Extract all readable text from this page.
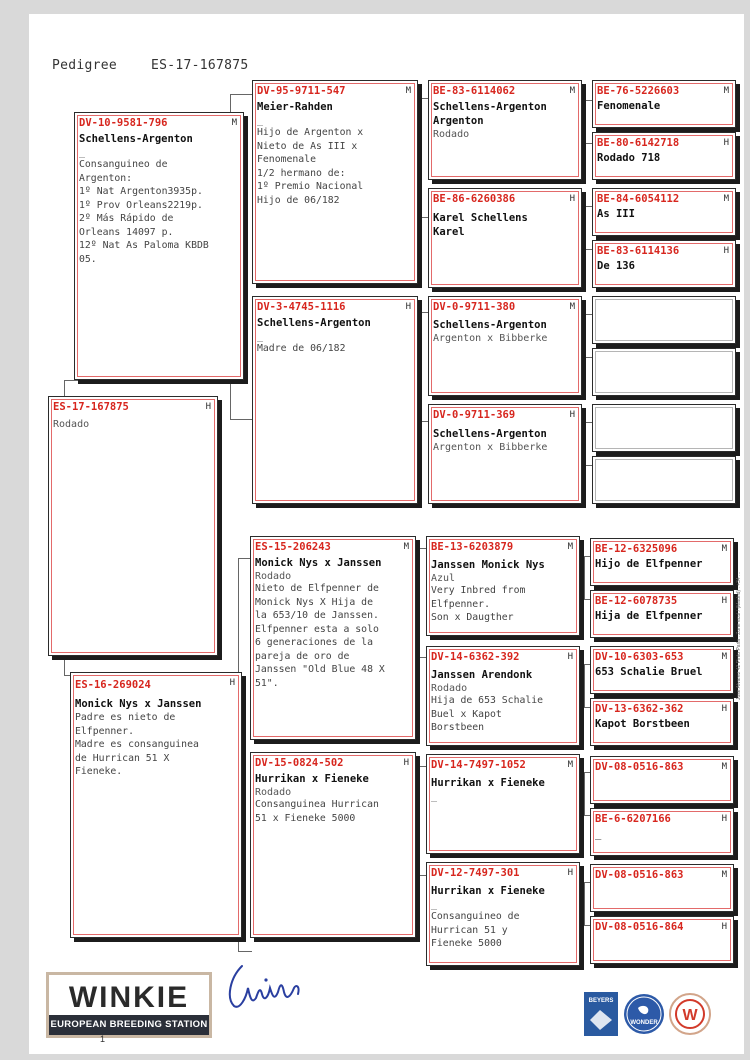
Pedigree	ES-17-167875
H
ES-17-167875
Rodado
M
DV-10-9581-796
Schellens-Argenton
_
Consanguineo de
Argenton:
1º Nat Argenton3935p.
1º Prov Orleans2219p.
2º Más Rápido de
Orleans 14097 p.
12º Nat As Paloma KBDB
05.
H
ES-16-269024
Monick Nys x Janssen
Padre es nieto de
Elfpenner.
Madre es consanguinea
de Hurrican 51 X
Fieneke.
M
DV-95-9711-547
Meier-Rahden
_
Hijo de Argenton x
Nieto de As III x
Fenomenale
1/2 hermano de:
1º Premio Nacional
Hijo de 06/182
H
DV-3-4745-1116
Schellens-Argenton
_
Madre de 06/182
M
ES-15-206243
Monick Nys x Janssen
Rodado
Nieto de Elfpenner de
Monick Nys X Hija de
la 653/10 de Janssen.
Elfpenner esta a solo
6 generaciones de la
pareja de oro de
Janssen "Old Blue 48 X
51".
H
DV-15-0824-502
Hurrikan x Fieneke
Rodado
Consanguinea Hurrican
51 x Fieneke 5000
M
BE-83-6114062
Schellens-Argenton
Argenton
Rodado
H
BE-86-6260386
Karel Schellens
Karel
M
DV-0-9711-380
Schellens-Argenton
Argenton x Bibberke
H
DV-0-9711-369
Schellens-Argenton
Argenton x Bibberke
M
BE-13-6203879
Janssen Monick Nys
Azul
Very Inbred from
Elfpenner.
Son x Daugther
H
DV-14-6362-392
Janssen Arendonk
Rodado
Hija de 653 Schalie
Buel x Kapot
Borstbeen
M
DV-14-7497-1052
Hurrikan x Fieneke
_
H
DV-12-7497-301
Hurrikan x Fieneke
_
Consanguineo de
Hurrican 51 y
Fieneke 5000
M
BE-76-5226603
Fenomenale
H
BE-80-6142718
Rodado 718
M
BE-84-6054112
As III
H
BE-83-6114136
De 136
M
BE-12-6325096
Hijo de Elfpenner
H
BE-12-6078735
Hija de Elfpenner
M
DV-10-6303-653
653 Schalie Bruel
H
DV-13-6362-362
Kapot Borstbeen
M
DV-08-0516-863
H
BE-6-6207166
_
M
DV-08-0516-863
H
DV-08-0516-864
WINKIE
EUROPEAN BREEDING STATION
1
BEYERS
WONDER W
Jose Alvarez 42 Pinto Parla . Zone ecul / (Madrid) . +34 ...
